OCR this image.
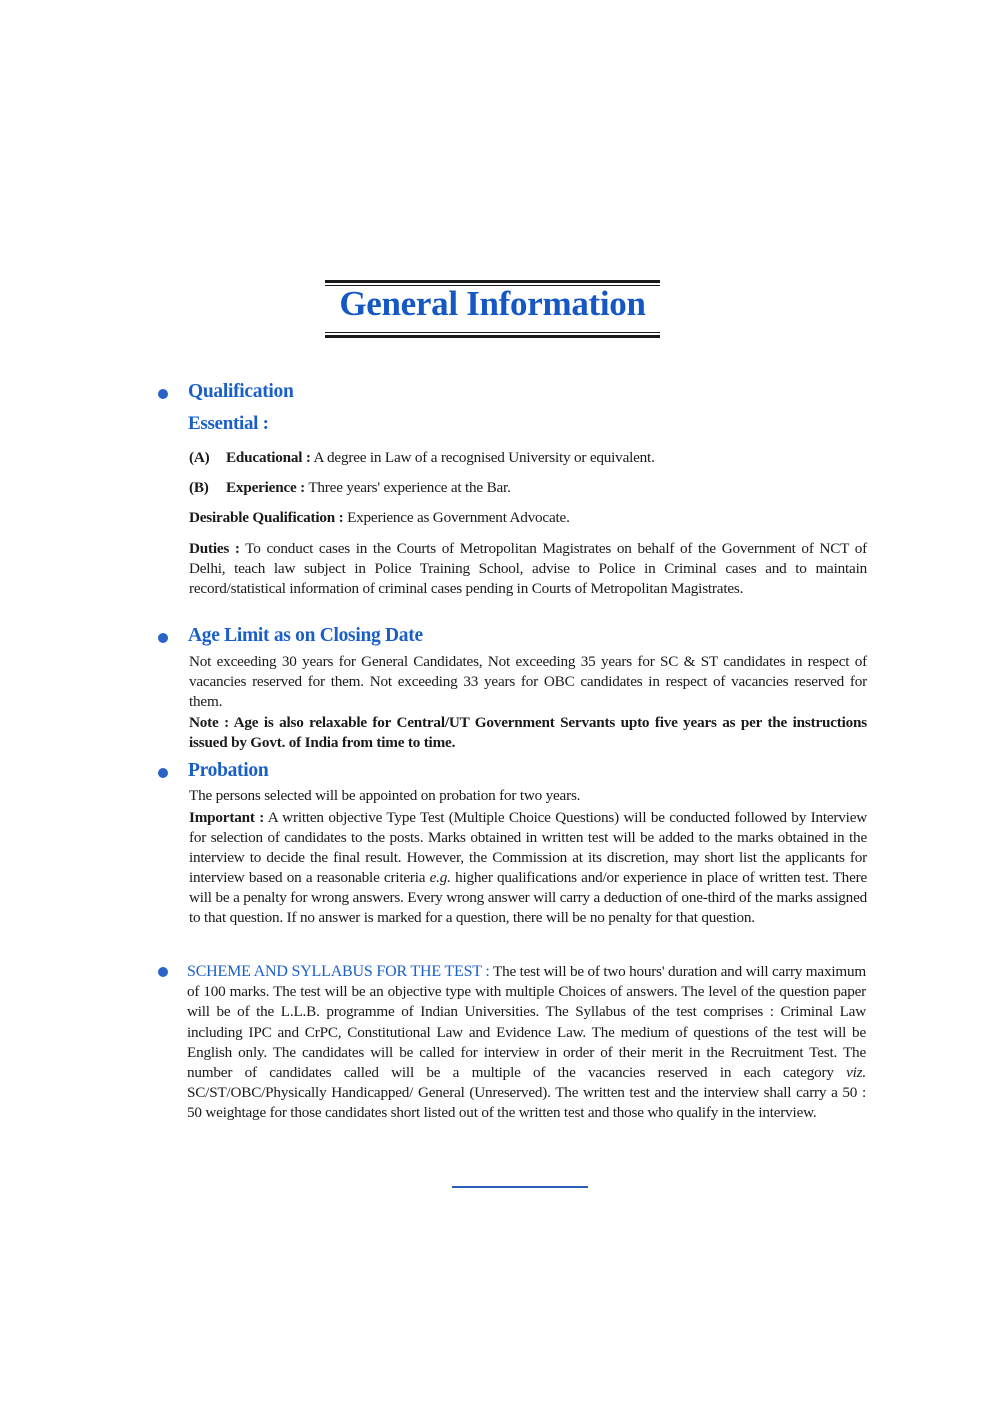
General Information
Qualification
Essential :
(A) Educational : A degree in Law of a recognised University or equivalent.
(B) Experience : Three years' experience at the Bar.
Desirable Qualification : Experience as Government Advocate.
Duties : To conduct cases in the Courts of Metropolitan Magistrates on behalf of the Government of NCT of Delhi, teach law subject in Police Training School, advise to Police in Criminal cases and to maintain record/statistical information of criminal cases pending in Courts of Metropolitan Magistrates.
Age Limit as on Closing Date
Not exceeding 30 years for General Candidates, Not exceeding 35 years for SC & ST candidates in respect of vacancies reserved for them. Not exceeding 33 years for OBC candidates in respect of vacancies reserved for them.
Note : Age is also relaxable for Central/UT Government Servants upto five years as per the instructions issued by Govt. of India from time to time.
Probation
The persons selected will be appointed on probation for two years.
Important : A written objective Type Test (Multiple Choice Questions) will be conducted followed by Interview for selection of candidates to the posts. Marks obtained in written test will be added to the marks obtained in the interview to decide the final result. However, the Commission at its discretion, may short list the applicants for interview based on a reasonable criteria e.g. higher qualifications and/or experience in place of written test. There will be a penalty for wrong answers. Every wrong answer will carry a deduction of one-third of the marks assigned to that question. If no answer is marked for a question, there will be no penalty for that question.
SCHEME AND SYLLABUS FOR THE TEST : The test will be of two hours' duration and will carry maximum of 100 marks. The test will be an objective type with multiple Choices of answers. The level of the question paper will be of the L.L.B. programme of Indian Universities. The Syllabus of the test comprises : Criminal Law including IPC and CrPC, Constitutional Law and Evidence Law. The medium of questions of the test will be English only. The candidates will be called for interview in order of their merit in the Recruitment Test. The number of candidates called will be a multiple of the vacancies reserved in each category viz. SC/ST/OBC/Physically Handicapped/ General (Unreserved). The written test and the interview shall carry a 50 : 50 weightage for those candidates short listed out of the written test and those who qualify in the interview.
